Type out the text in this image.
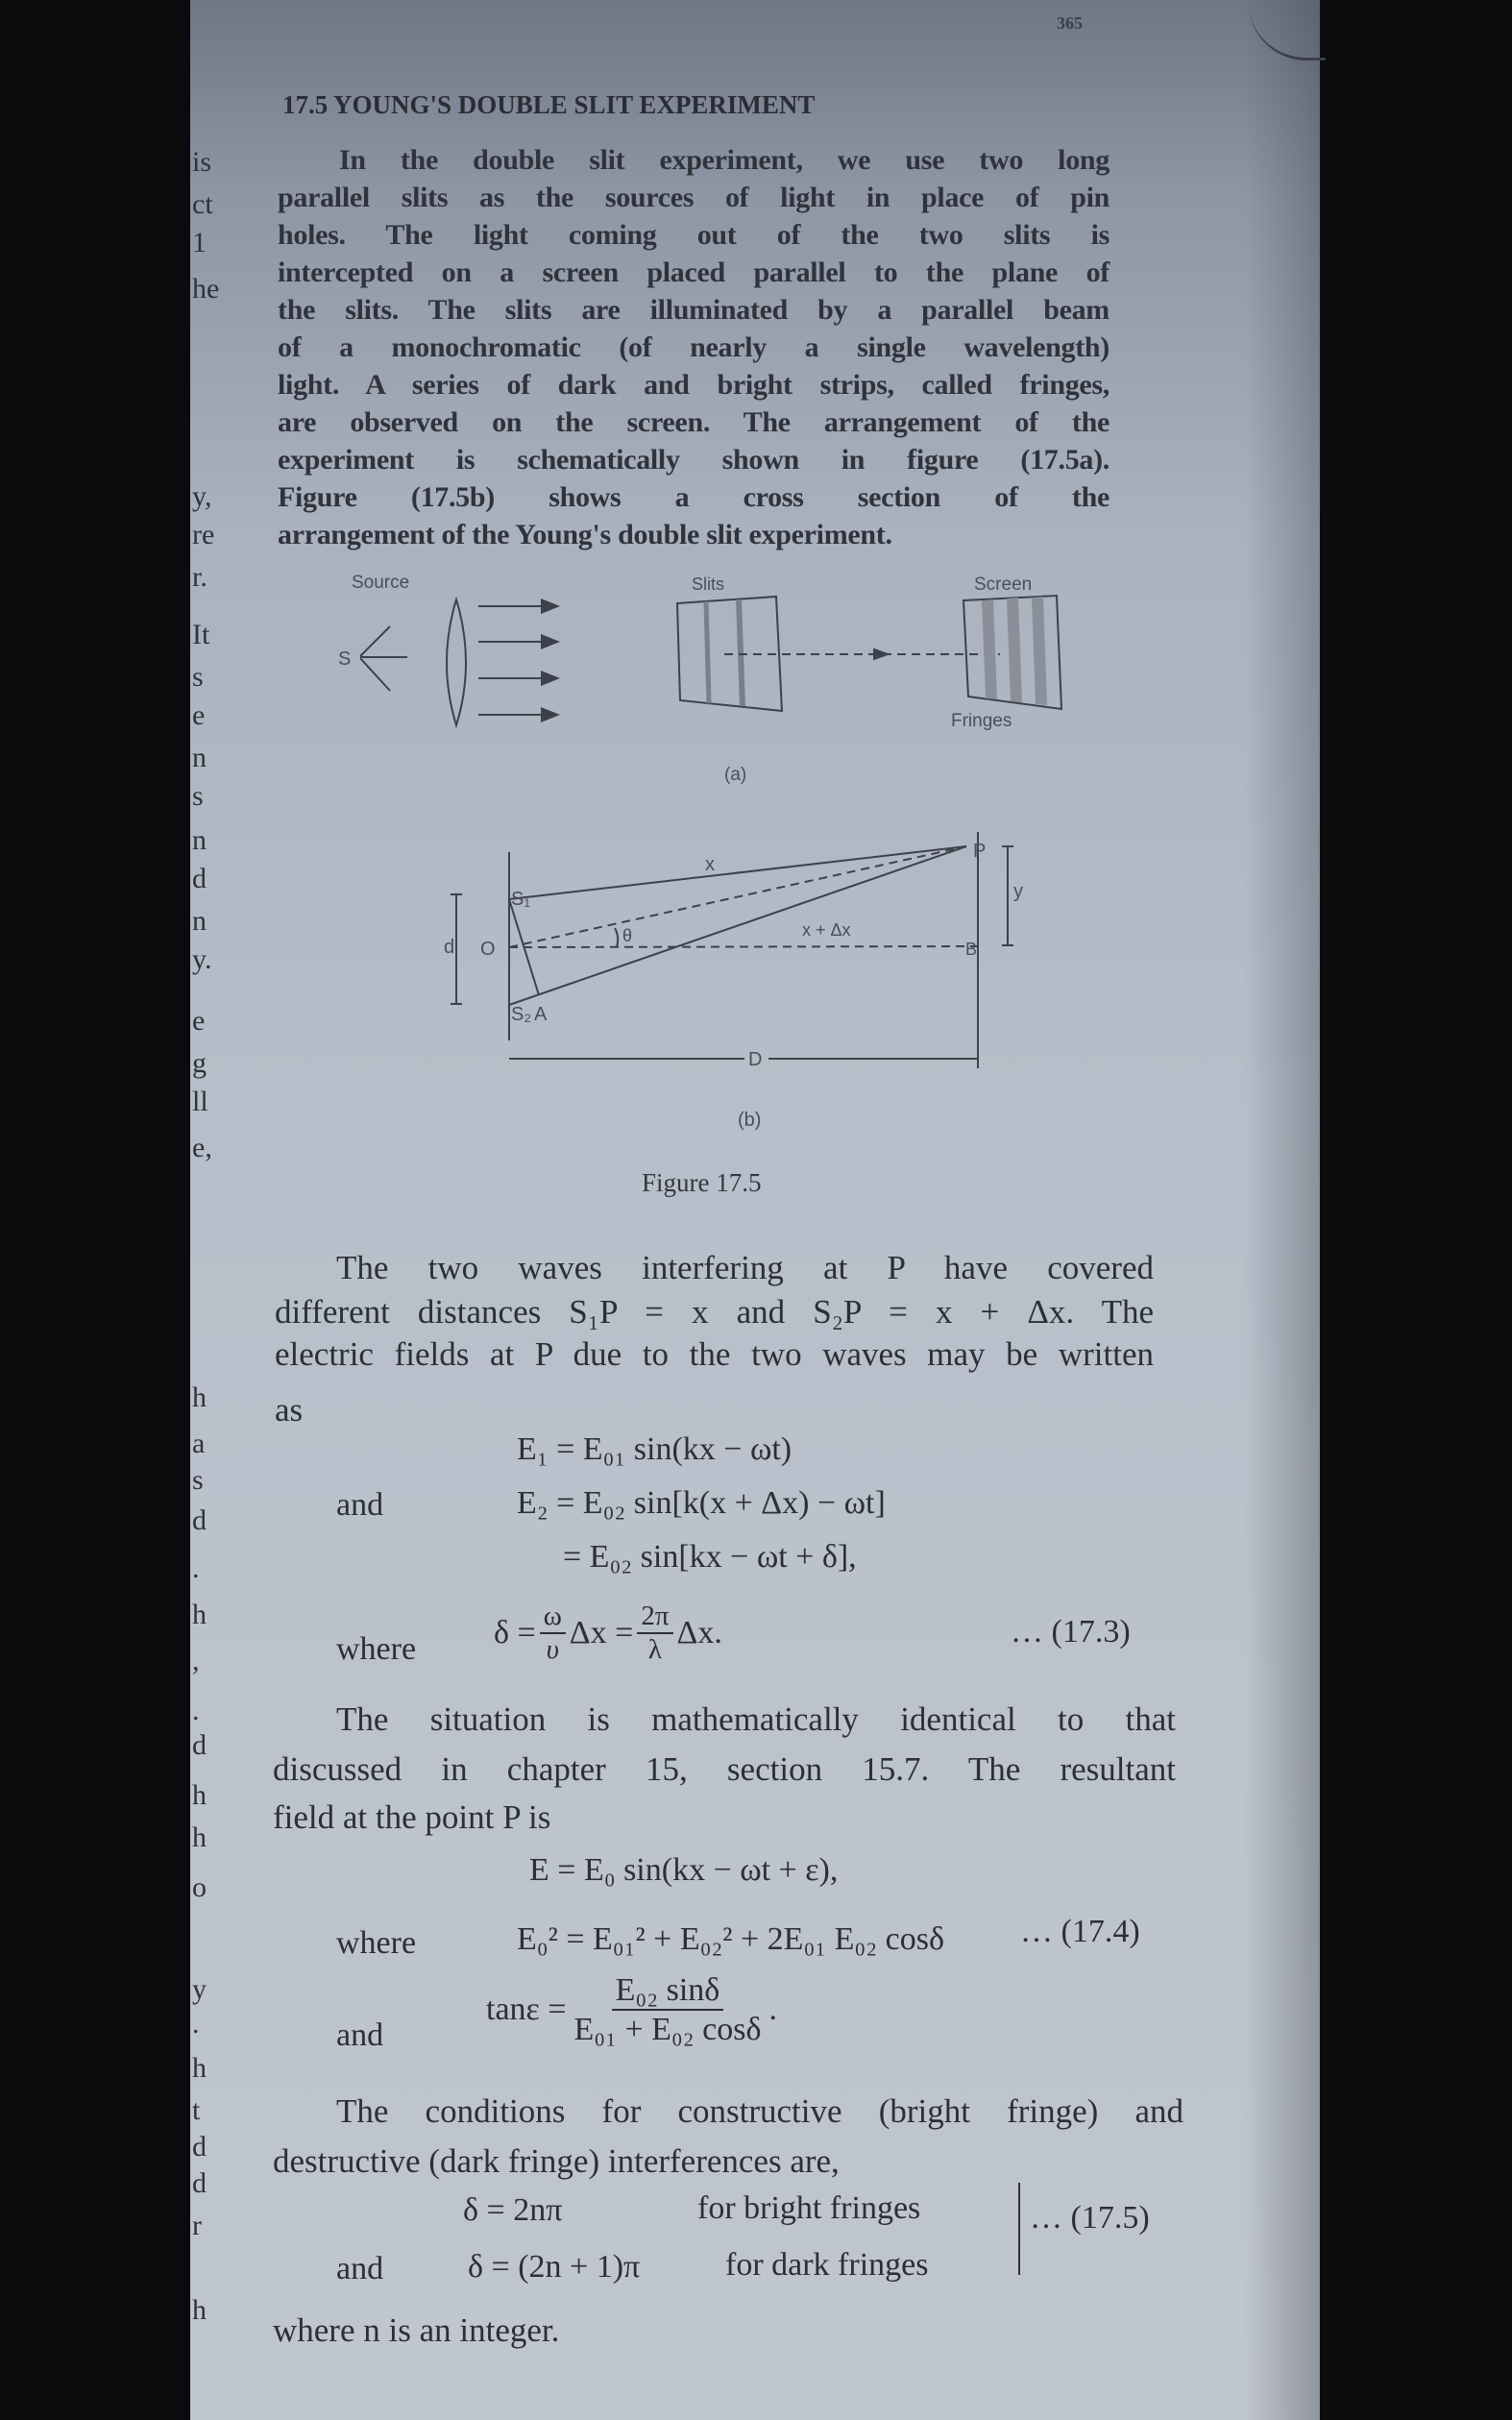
365
17.5 YOUNG'S DOUBLE SLIT EXPERIMENT
In the double slit experiment, we use two long
parallel slits as the sources of light in place of pin
holes. The light coming out of the two slits is
intercepted on a screen placed parallel to the plane of
the slits. The slits are illuminated by a parallel beam
of a monochromatic (of nearly a single wavelength)
light. A series of dark and bright strips, called fringes,
are observed on the screen. The arrangement of the
experiment is schematically shown in figure (17.5a).
Figure (17.5b) shows a cross section of the
arrangement of the Young's double slit experiment.
The two waves interfering at P have covered
different distances S₁P = x and S₂P = x + Δx. The
electric fields at P due to the two waves may be written
as
The situation is mathematically identical to that
discussed in chapter 15, section 15.7. The resultant
field at the point P is
The conditions for constructive (bright fringe) and
destructive (dark fringe) interferences are,
is
ct
1
he
y,
re
r.
It
s
e
n
s
n
d
n
y.
e
g
ll
e,
h
a
s
d
.
h
,
.
d
h
h
o
y
.
h
t
d
d
r
h
Source
S
Slits	Screen
Fringes
(a)
S₁
S₂
O
A
P
B
x
x + Δx
θ
d
y
D
(b)
Figure 17.5
E₁ = E₀₁ sin(kx − ωt)
and	E₂ = E₀₂ sin[k(x + Δx) − ωt]
= E₀₂ sin[kx − ωt + δ],
where $\delta = \frac{\omega}{\upsilon}$ $\Delta x = \frac{2\pi}{\lambda} \Delta x$.	… (17.3)
E = E₀ sin(kx − ωt + ε),
where	E₀² = E₀₁² + E₀₂² + 2E₀₁ E₀₂ cosδ … (17.4)
and
$\tan\varepsilon = \frac{\text{E₀₂ sinδ}}{\text{E₀₁ + E₀₂ cosδ}}$ .
δ = 2nπ	for bright fringes
and	δ = (2n + 1)π	for dark fringes
… (17.5)
where n is an integer.
